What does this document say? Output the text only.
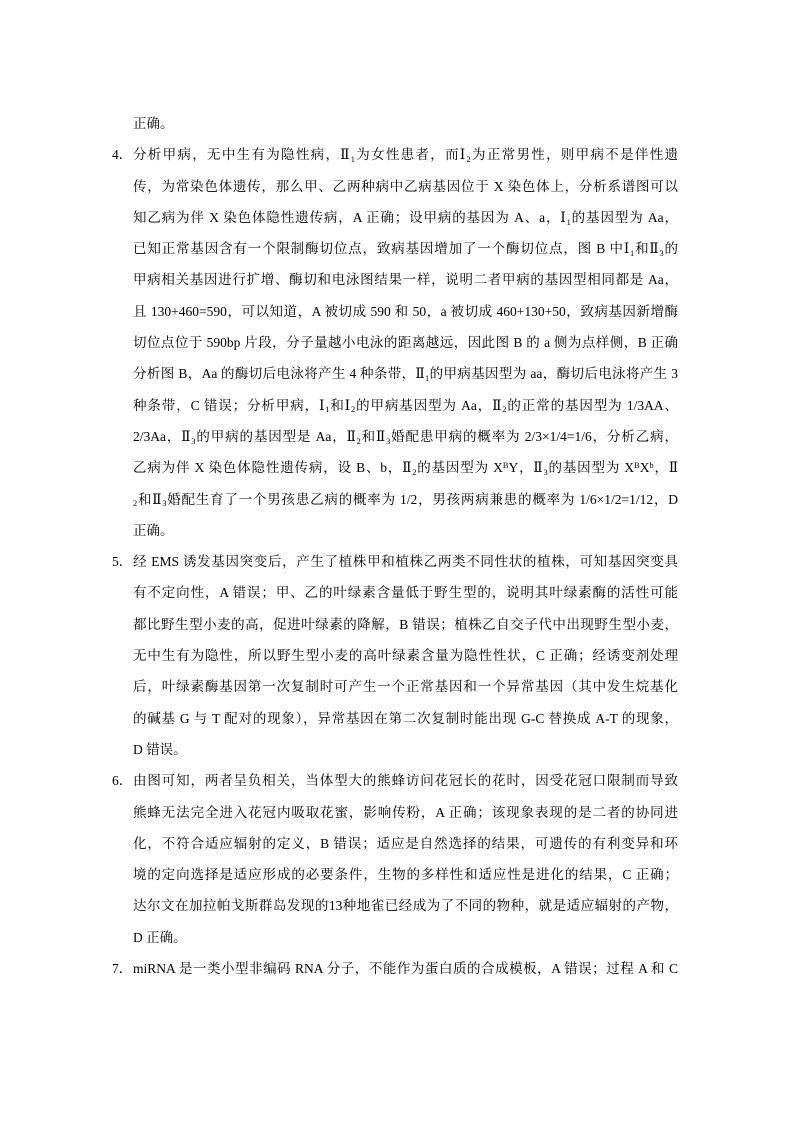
正确。
4． 分析甲病，无中生有为隐性病，Ⅱ1为女性患者，而Ⅰ2为正常男性，则甲病不是伴性遗
传，为常染色体遗传，那么甲、乙两种病中乙病基因位于 X 染色体上，分析系谱图可以
知乙病为伴 X 染色体隐性遗传病，A 正确；设甲病的基因为 A、a，Ⅰ1的基因型为 Aa，
已知正常基因含有一个限制酶切位点，致病基因增加了一个酶切位点，图 B 中Ⅰ1和Ⅱ3的
甲病相关基因进行扩增、酶切和电泳图结果一样，说明二者甲病的基因型相同都是 Aa，
且 130+460=590，可以知道，A 被切成 590 和 50，a 被切成 460+130+50，致病基因新增酶
切位点位于 590bp 片段，分子量越小电泳的距离越远，因此图 B 的 a 侧为点样侧，B 正确
分析图 B，Aa 的酶切后电泳将产生 4 种条带，Ⅱ1的甲病基因型为 aa，酶切后电泳将产生 3
种条带，C 错误；分析甲病，Ⅰ1和Ⅰ2的甲病基因型为 Aa，Ⅱ2的正常的基因型为 1/3AA、
2/3Aa，Ⅱ3的甲病的基因型是 Aa，Ⅱ2和Ⅱ3婚配患甲病的概率为 2/3×1/4=1/6，分析乙病，
乙病为伴 X 染色体隐性遗传病，设 B、b，Ⅱ2的基因型为 $X^BY$，Ⅱ3的基因型为 $X^BX^b$，Ⅱ
2和Ⅱ3婚配生育了一个男孩患乙病的概率为 1/2，男孩两病兼患的概率为 1/6×1/2=1/12，D
正确。
5． 经 EMS 诱发基因突变后，产生了植株甲和植株乙两类不同性状的植株，可知基因突变具
有不定向性，A 错误；甲、乙的叶绿素含量低于野生型的，说明其叶绿素酶的活性可能
都比野生型小麦的高，促进叶绿素的降解，B 错误；植株乙自交子代中出现野生型小麦，
无中生有为隐性，所以野生型小麦的高叶绿素含量为隐性性状，C 正确；经诱变剂处理
后，叶绿素酶基因第一次复制时可产生一个正常基因和一个异常基因（其中发生烷基化
的碱基 G 与 T 配对的现象），异常基因在第二次复制时能出现 G-C 替换成 A-T 的现象，
D 错误。
6． 由图可知，两者呈负相关，当体型大的熊蜂访问花冠长的花时，因受花冠口限制而导致
熊蜂无法完全进入花冠内吸取花蜜，影响传粉，A 正确；该现象表现的是二者的协同进
化，不符合适应辐射的定义，B 错误；适应是自然选择的结果，可遗传的有利变异和环
境的定向选择是适应形成的必要条件，生物的多样性和适应性是进化的结果，C 正确；
达尔文在加拉帕戈斯群岛发现的13种地雀已经成为了不同的物种，就是适应辐射的产物，
D 正确。
7． miRNA 是一类小型非编码 RNA 分子，不能作为蛋白质的合成模板，A 错误；过程 A 和 C
